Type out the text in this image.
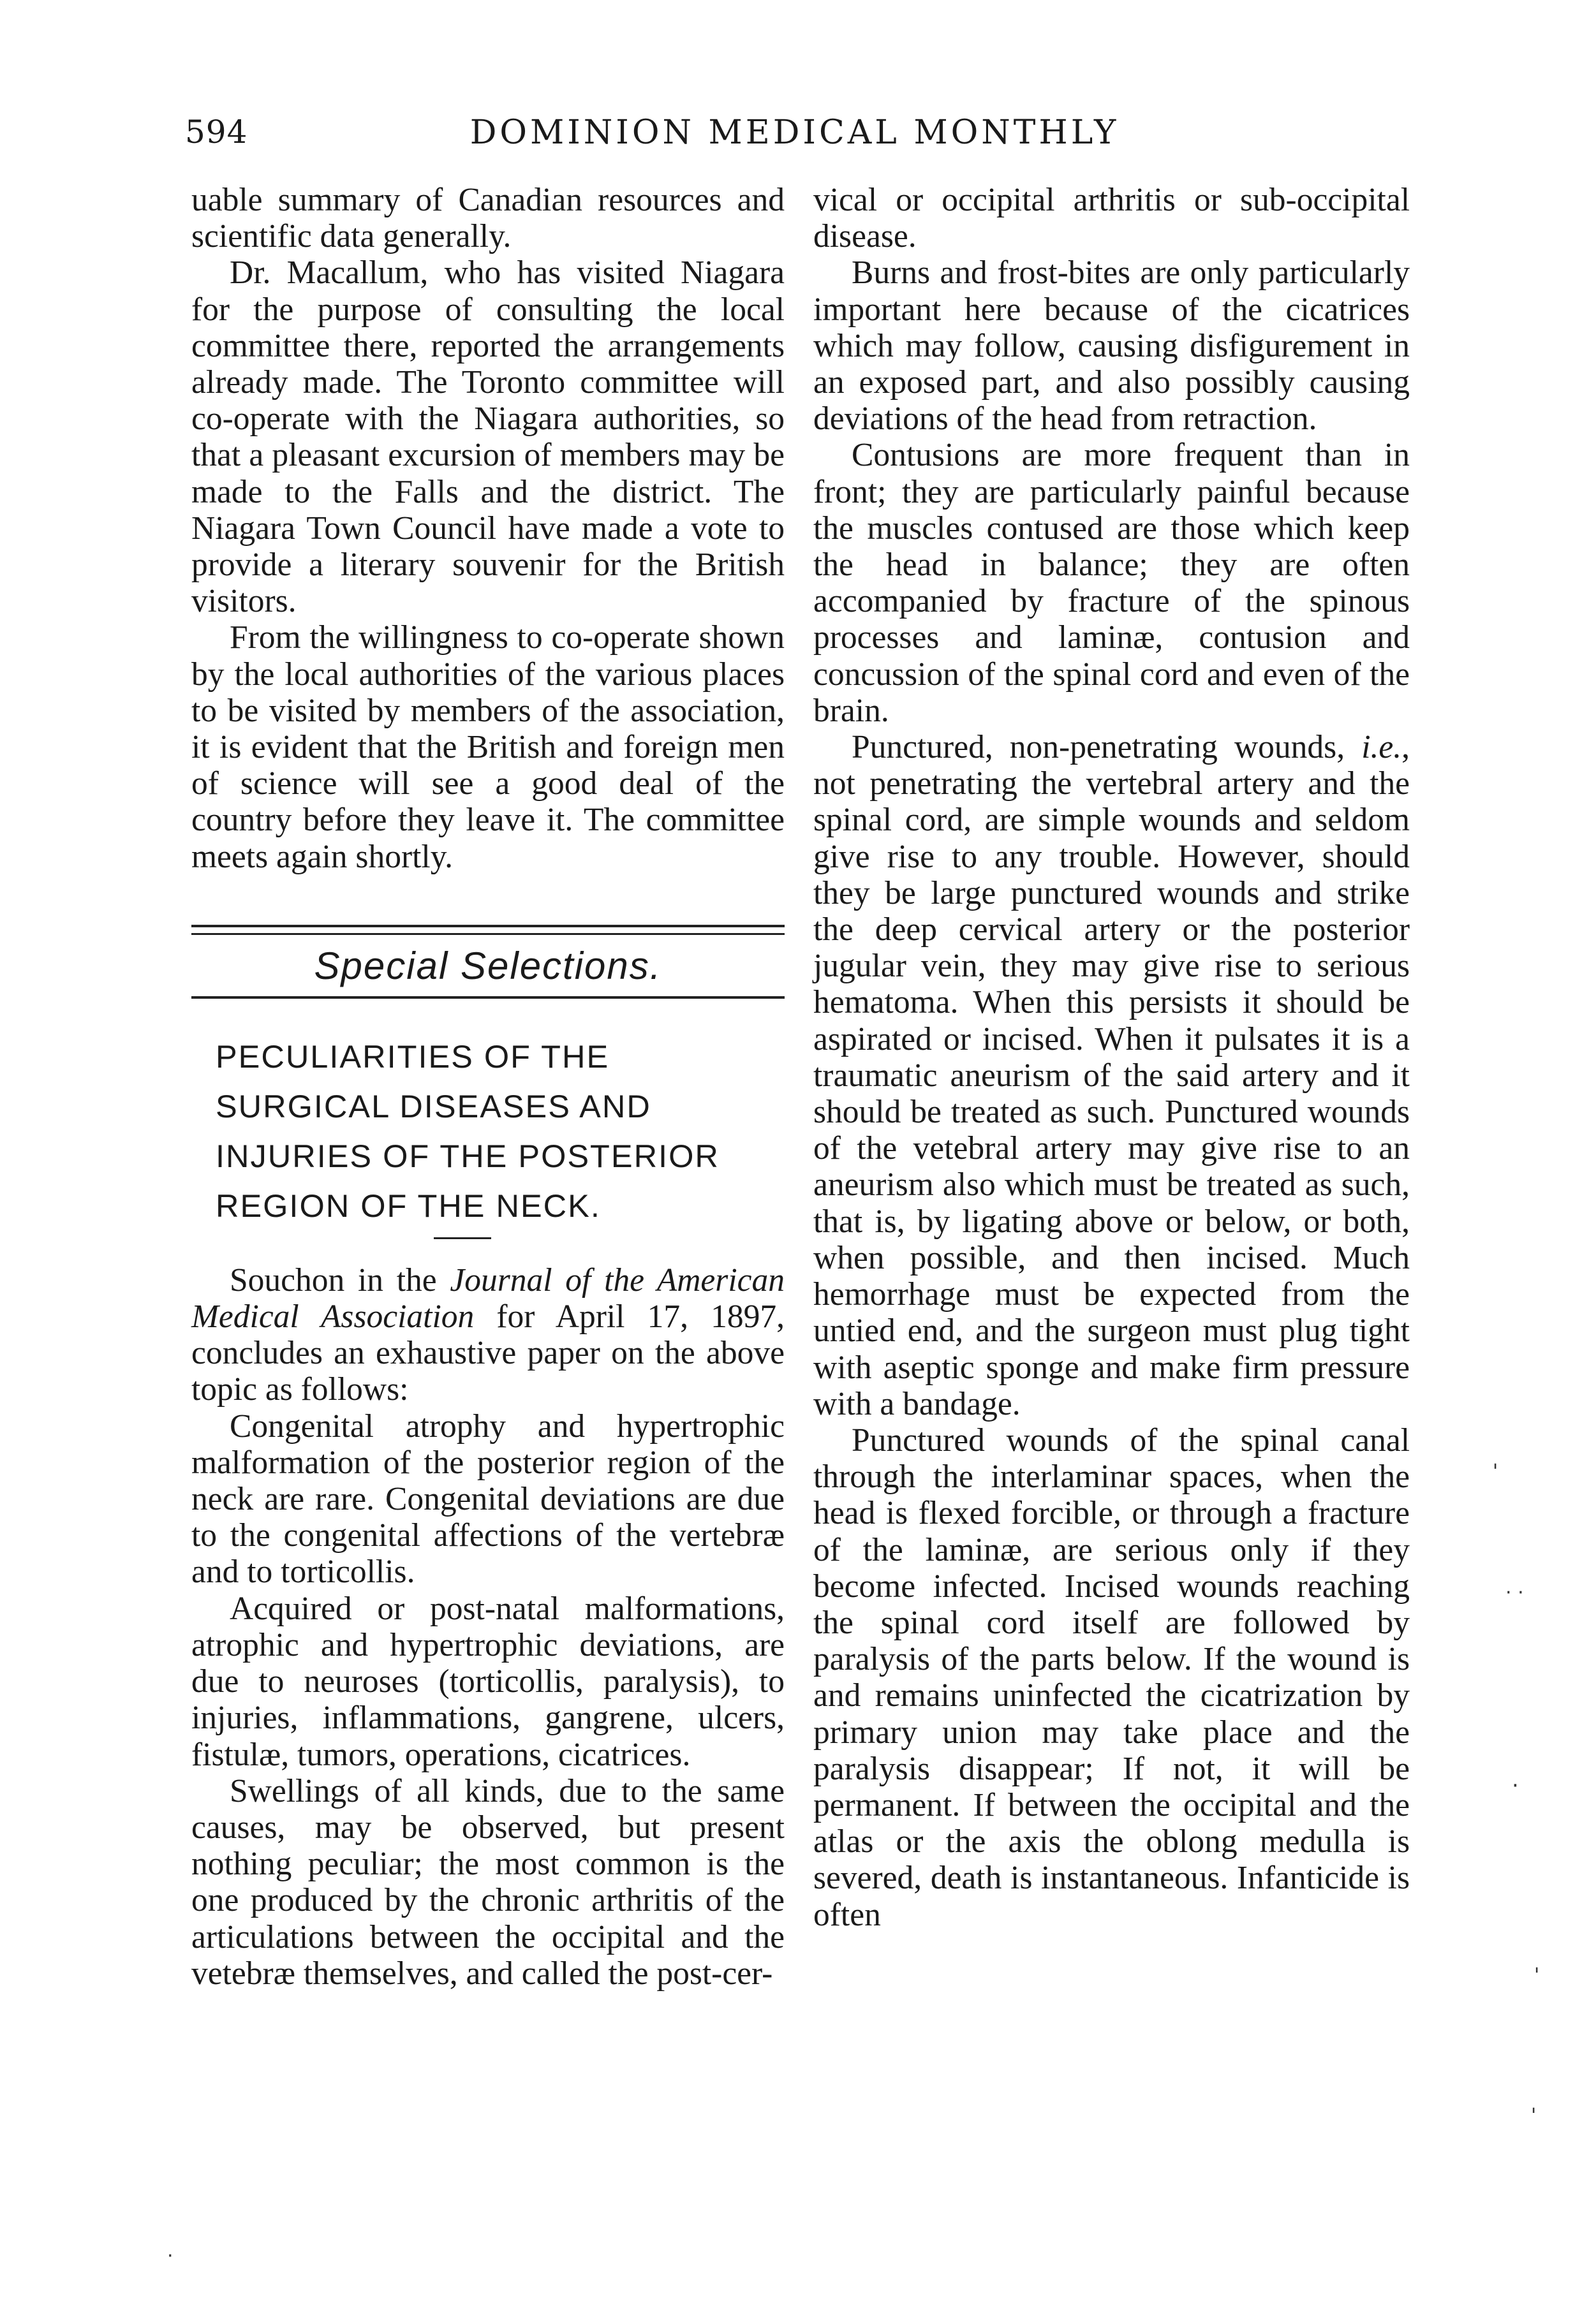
594	DOMINION MEDICAL MONTHLY

uable summary of Canadian resources and scientific data generally.

Dr. Macallum, who has visited Niagara for the purpose of consulting the local committee there, reported the arrangements already made. The Toronto committee will co-operate with the Niagara authorities, so that a pleasant excursion of members may be made to the Falls and the district. The Niagara Town Council have made a vote to provide a literary souvenir for the British visitors.

From the willingness to co-operate shown by the local authorities of the various places to be visited by members of the association, it is evident that the British and foreign men of science will see a good deal of the country before they leave it. The committee meets again shortly.

Special Selections.
PECULIARITIES OF THE SURGICAL DISEASES AND INJURIES OF THE POSTERIOR REGION OF THE NECK.

Souchon in the Journal of the American Medical Association for April 17, 1897, concludes an exhaustive paper on the above topic as follows:

Congenital atrophy and hypertrophic malformation of the posterior region of the neck are rare. Congenital deviations are due to the congenital affections of the vertebræ and to torticollis.

Acquired or post-natal malformations, atrophic and hypertrophic deviations, are due to neuroses (torticollis, paralysis), to injuries, inflammations, gangrene, ulcers, fistulæ, tumors, operations, cicatrices.

Swellings of all kinds, due to the same causes, may be observed, but present nothing peculiar; the most common is the one produced by the chronic arthritis of the articulations between the occipital and the vetebræ themselves, and called the post-cer-

vical or occipital arthritis or sub-occipital disease.

Burns and frost-bites are only particularly important here because of the cicatrices which may follow, causing disfigurement in an exposed part, and also possibly causing deviations of the head from retraction.

Contusions are more frequent than in front; they are particularly painful because the muscles contused are those which keep the head in balance; they are often accompanied by fracture of the spinous processes and laminæ, contusion and concussion of the spinal cord and even of the brain.

Punctured, non-penetrating wounds, i.e., not penetrating the vertebral artery and the spinal cord, are simple wounds and seldom give rise to any trouble. However, should they be large punctured wounds and strike the deep cervical artery or the posterior jugular vein, they may give rise to serious hematoma. When this persists it should be aspirated or incised. When it pulsates it is a traumatic aneurism of the said artery and it should be treated as such. Punctured wounds of the vetebral artery may give rise to an aneurism also which must be treated as such, that is, by ligating above or below, or both, when possible, and then incised. Much hemorrhage must be expected from the untied end, and the surgeon must plug tight with aseptic sponge and make firm pressure with a bandage.

Punctured wounds of the spinal canal through the interlaminar spaces, when the head is flexed forcible, or through a fracture of the laminæ, are serious only if they become infected. Incised wounds reaching the spinal cord itself are followed by paralysis of the parts below. If the wound is and remains uninfected the cicatrization by primary union may take place and the paralysis disappear; If not, it will be permanent. If between the occipital and the atlas or the axis the oblong medulla is severed, death is instantaneous. Infanticide is often

'
· ·
·
'
'
·
